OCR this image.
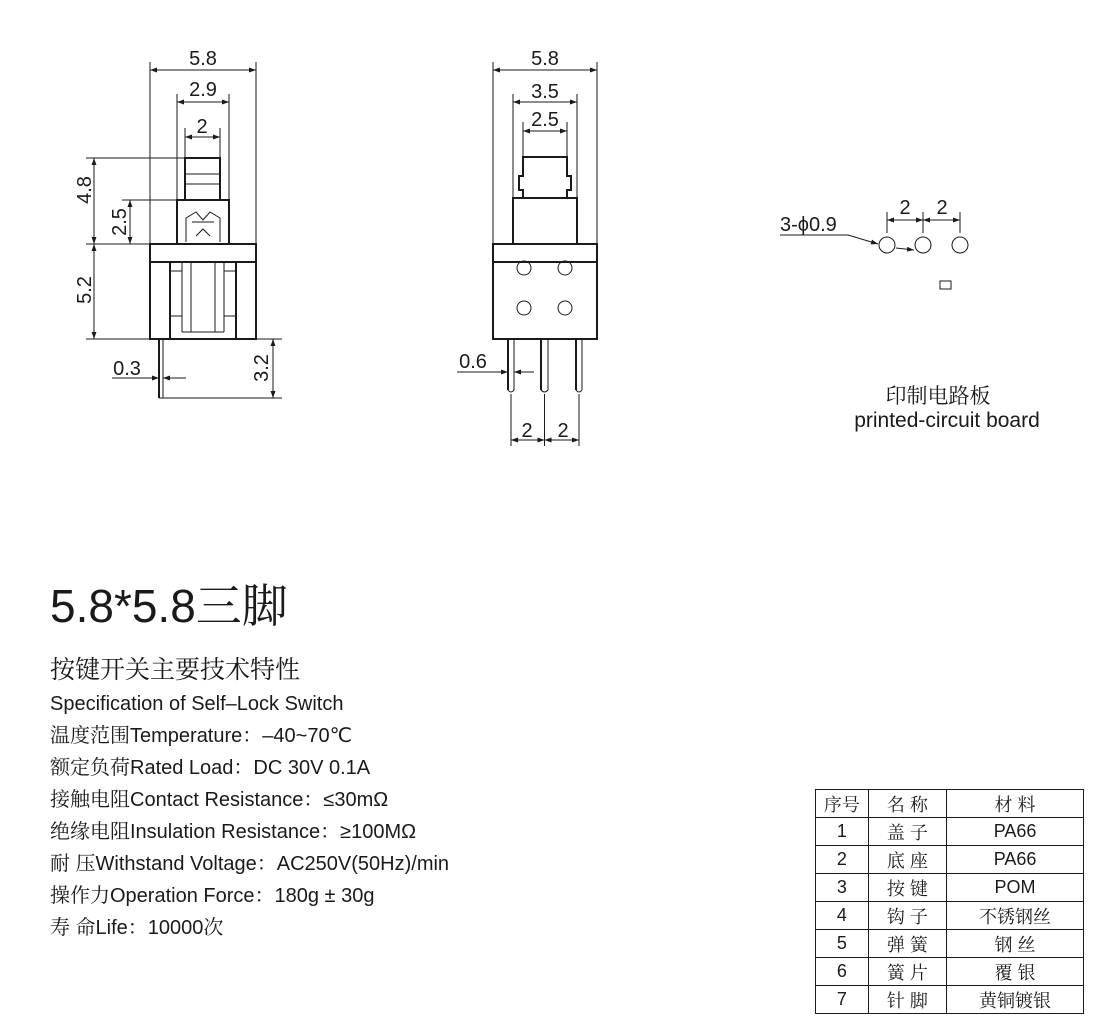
5.8
2.9
2
4.8
2.5
5.2
0.3	3.2
5.8
3.5
2.5
0.6
2 2
2 2
3-ϕ0.9
印制电路板
printed-circuit board
5.8*5.8三脚
按键开关主要技术特性
Specification of Self–Lock Switch
温度范围Temperature：–40~70℃
额定负荷Rated Load：DC 30V 0.1A
接触电阻Contact Resistance：≤30mΩ
绝缘电阻Insulation Resistance：≥100MΩ
耐 压Withstand Voltage：AC250V(50Hz)/min
操作力Operation Force：180g ± 30g
寿 命Life：10000次
序号	名 称	材 料
1	盖 子	PA66
2	底 座	PA66
3	按 键	POM
4	钩 子	不锈钢丝
5	弹 簧	钢 丝
6	簧 片	覆 银
7	针 脚	黄铜镀银
